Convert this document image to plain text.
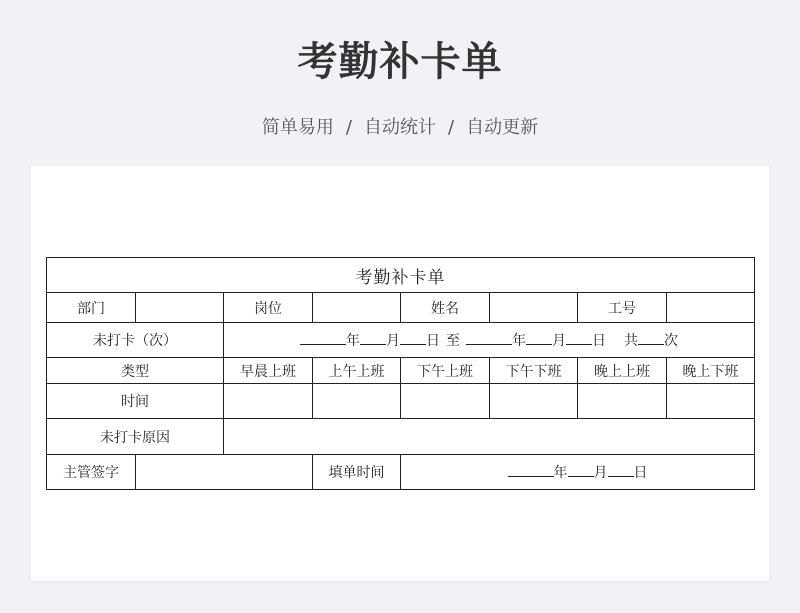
考勤补卡单
简单易用 / 自动统计 / 自动更新
考勤补卡单							
部门		岗位		姓名		工号	
未打卡（次）		年 月 日 至 年 月 日 共 次					
类型		早晨上班	上午上班	下午上班	下午下班	晚上上班	晚上下班
时间							
未打卡原因							
主管签字			填单时间	年 月 日			
